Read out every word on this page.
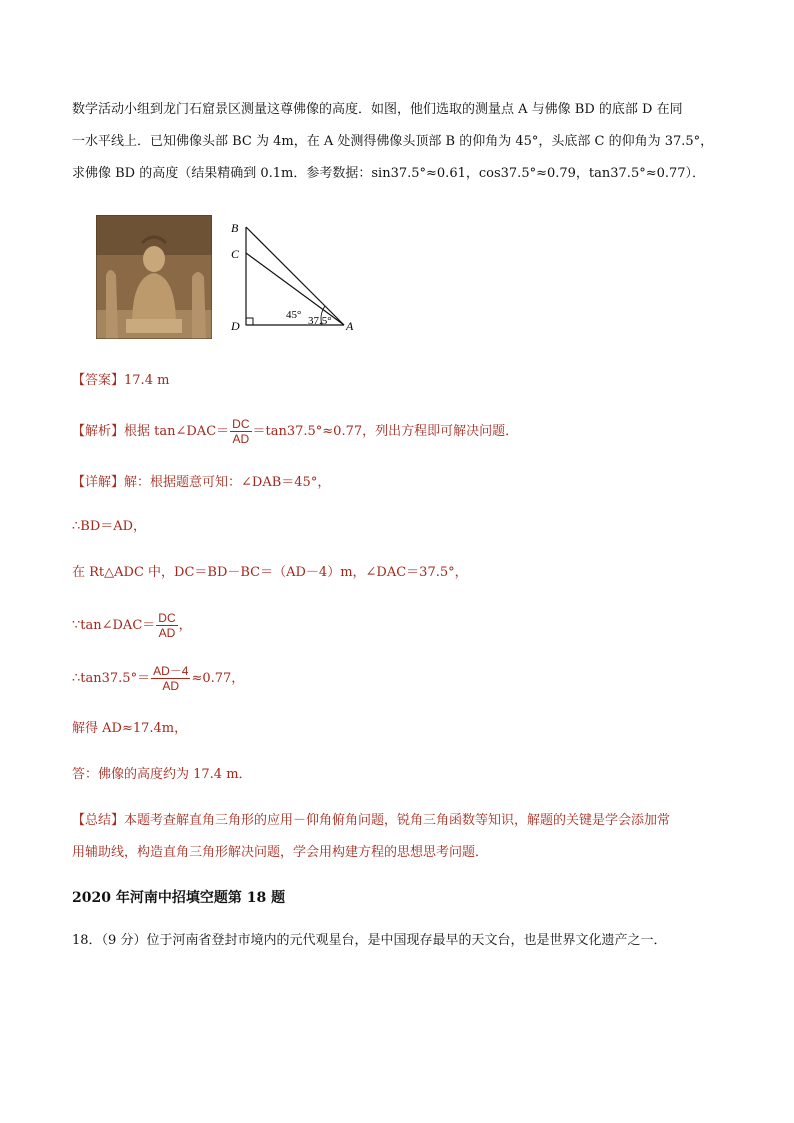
数学活动小组到龙门石窟景区测量这尊佛像的高度．如图，他们选取的测量点 A 与佛像 BD 的底部 D 在同
一水平线上．已知佛像头部 BC 为 4m，在 A 处测得佛像头顶部 B 的仰角为 45°，头底部 C 的仰角为 37.5°，
求佛像 BD 的高度（结果精确到 0.1m．参考数据：sin37.5°≈0.61，cos37.5°≈0.79，tan37.5°≈0.77）．
B
C
D	A
45° 37.5°
【答案】17.4 m
【解析】根据 tan∠DAC＝ $\frac{DC}{AD} =\tan 37.5^\circ\approx 0.77$，列出方程即可解决问题．
【详解】解：根据题意可知：∠DAB＝45°，
∴BD＝AD，
在 Rt△ADC 中，DC＝BD－BC＝（AD－4）m，∠DAC＝37.5°，
∵tan∠DAC＝ $\frac{DC}{AD}$ ，
∴tan37.5°＝ $\frac{AD-4}{AD} \approx 0.77$，
解得 AD≈17.4m，
答：佛像的高度约为 17.4 m．
【总结】本题考查解直角三角形的应用－仰角俯角问题，锐角三角函数等知识，解题的关键是学会添加常
用辅助线，构造直角三角形解决问题，学会用构建方程的思想思考问题．
2020 年河南中招填空题第 18 题
18．（9 分）位于河南省登封市境内的元代观星台，是中国现存最早的天文台，也是世界文化遗产之一．
